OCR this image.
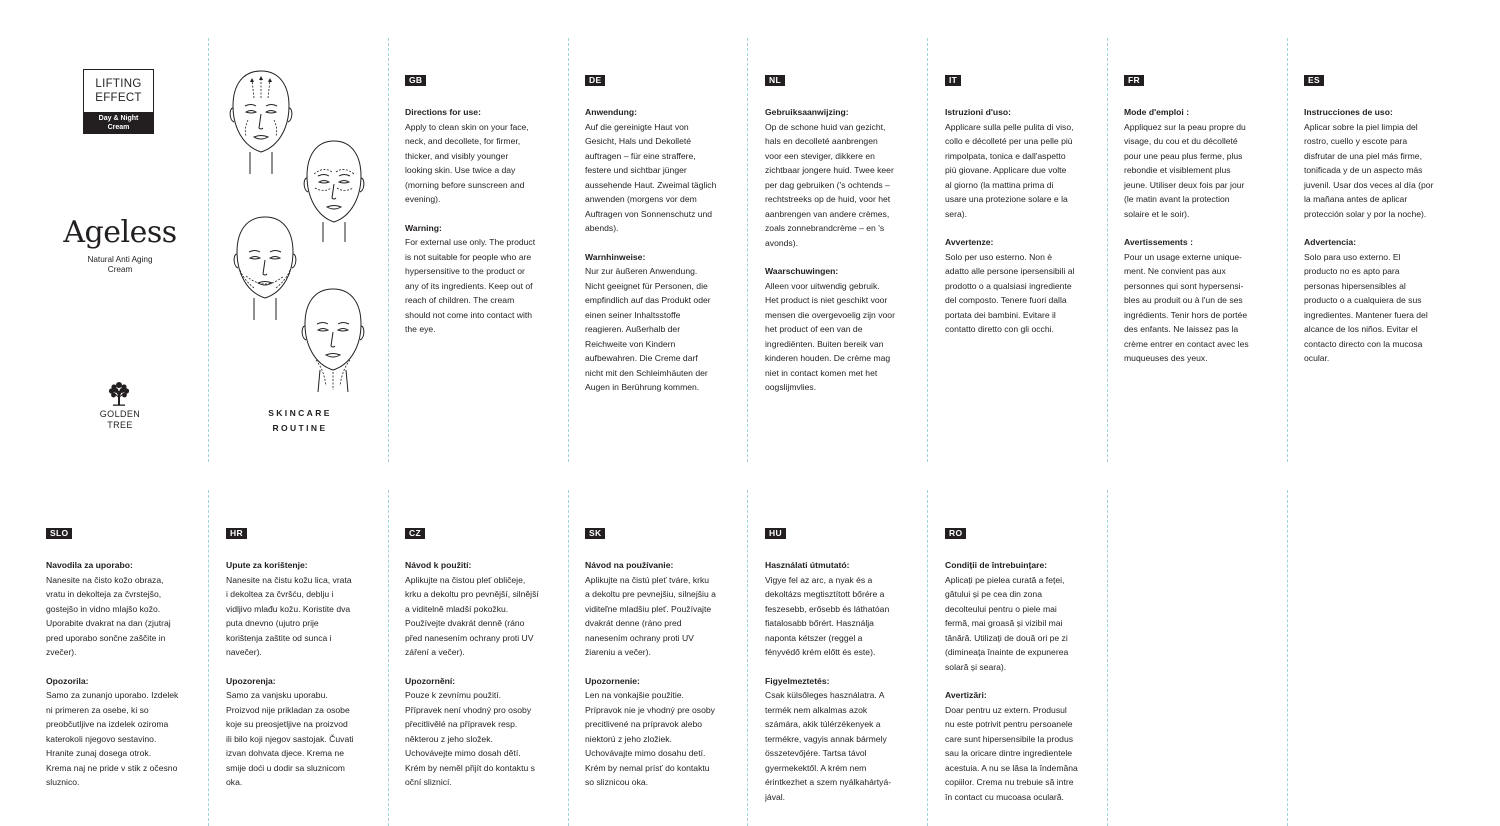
LIFTING
EFFECT
Day & Night
Cream
Ageless
Natural Anti Aging
Cream
GOLDEN
TREE
SKINCARE
ROUTINE
GB
Directions for use:
Apply to clean skin on your face,
neck, and decollete, for firmer,
thicker, and visibly younger
looking skin. Use twice a day
(morning before sunscreen and
evening).
Warning:
For external use only. The product
is not suitable for people who are
hypersensitive to the product or
any of its ingredients. Keep out of
reach of children. The cream
should not come into contact with
the eye.
DE
Anwendung:
Auf die gereinigte Haut von
Gesicht, Hals und Dekolleté
auftragen – für eine straffere,
festere und sichtbar jünger
aussehende Haut. Zweimal täglich
anwenden (morgens vor dem
Auftragen von Sonnenschutz und
abends).
Warnhinweise:
Nur zur äußeren Anwendung.
Nicht geeignet für Personen, die
empfindlich auf das Produkt oder
einen seiner Inhaltsstoffe
reagieren. Außerhalb der
Reichweite von Kindern
aufbewahren. Die Creme darf
nicht mit den Schleimhäuten der
Augen in Berührung kommen.
NL
Gebruiksaanwijzing:
Op de schone huid van gezicht,
hals en decolleté aanbrengen
voor een steviger, dikkere en
zichtbaar jongere huid. Twee keer
per dag gebruiken ('s ochtends –
rechtstreeks op de huid, voor het
aanbrengen van andere crèmes,
zoals zonnebrandcrème – en 's
avonds).
Waarschuwingen:
Alleen voor uitwendig gebruik.
Het product is niet geschikt voor
mensen die overgevoelig zijn voor
het product of een van de
ingrediënten. Buiten bereik van
kinderen houden. De crème mag
niet in contact komen met het
oogslijmvlies.
IT
Istruzioni d'uso:
Applicare sulla pelle pulita di viso,
collo e décolleté per una pelle più
rimpolpata, tonica e dall'aspetto
più giovane. Applicare due volte
al giorno (la mattina prima di
usare una protezione solare e la
sera).
Avvertenze:
Solo per uso esterno. Non è
adatto alle persone ipersensibili al
prodotto o a qualsiasi ingrediente
del composto. Tenere fuori dalla
portata dei bambini. Evitare il
contatto diretto con gli occhi.
FR
Mode d'emploi :
Appliquez sur la peau propre du
visage, du cou et du décolleté
pour une peau plus ferme, plus
rebondie et visiblement plus
jeune. Utiliser deux fois par jour
(le matin avant la protection
solaire et le soir).
Avertissements :
Pour un usage externe unique-
ment. Ne convient pas aux
personnes qui sont hypersensi-
bles au produit ou à l'un de ses
ingrédients. Tenir hors de portée
des enfants. Ne laissez pas la
crème entrer en contact avec les
muqueuses des yeux.
ES
Instrucciones de uso:
Aplicar sobre la piel limpia del
rostro, cuello y escote para
disfrutar de una piel más firme,
tonificada y de un aspecto más
juvenil. Usar dos veces al día (por
la mañana antes de aplicar
protección solar y por la noche).
Advertencia:
Solo para uso externo. El
producto no es apto para
personas hipersensibles al
producto o a cualquiera de sus
ingredientes. Mantener fuera del
alcance de los niños. Evitar el
contacto directo con la mucosa
ocular.
SLO
Navodila za uporabo:
Nanesite na čisto kožo obraza,
vratu in dekolteja za čvrstejšo,
gostejšo in vidno mlajšo kožo.
Uporabite dvakrat na dan (zjutraj
pred uporabo sončne zaščite in
zvečer).
Opozorila:
Samo za zunanjo uporabo. Izdelek
ni primeren za osebe, ki so
preobčutljive na izdelek oziroma
katerokoli njegovo sestavino.
Hranite zunaj dosega otrok.
Krema naj ne pride v stik z očesno
sluznico.
HR
Upute za korištenje:
Nanesite na čistu kožu lica, vrata
i dekoltea za čvršću, deblju i
vidljivo mlađu kožu. Koristite dva
puta dnevno (ujutro prije
korištenja zaštite od sunca i
navečer).
Upozorenja:
Samo za vanjsku uporabu.
Proizvod nije prikladan za osobe
koje su preosjetljive na proizvod
ili bilo koji njegov sastojak. Čuvati
izvan dohvata djece. Krema ne
smije doći u dodir sa sluznicom
oka.
CZ
Návod k použití:
Aplikujte na čistou pleť obličeje,
krku a dekoltu pro pevnější, silnější
a viditelně mladší pokožku.
Používejte dvakrát denně (ráno
před nanesením ochrany proti UV
záření a večer).
Upozornění:
Pouze k zevnímu použití.
Přípravek není vhodný pro osoby
přecitlivělé na přípravek resp.
některou z jeho složek.
Uchovávejte mimo dosah dětí.
Krém by neměl přijít do kontaktu s
oční sliznicí.
SK
Návod na používanie:
Aplikujte na čistú pleť tváre, krku
a dekoltu pre pevnejšiu, silnejšiu a
viditeľne mladšiu pleť. Používajte
dvakrát denne (ráno pred
nanesením ochrany proti UV
žiareniu a večer).
Upozornenie:
Len na vonkajšie použitie.
Prípravok nie je vhodný pre osoby
precitlivené na prípravok alebo
niektorú z jeho zložiek.
Uchovávajte mimo dosahu detí.
Krém by nemal prísť do kontaktu
so sliznicou oka.
HU
Használati útmutató:
Vigye fel az arc, a nyak és a
dekoltázs megtisztított bőrére a
feszesebb, erősebb és láthatóan
fiatalosabb bőrért. Használja
naponta kétszer (reggel a
fényvédő krém előtt és este).
Figyelmeztetés:
Csak külsőleges használatra. A
termék nem alkalmas azok
számára, akik túlérzékenyek a
termékre, vagyis annak bármely
összetevőjére. Tartsa távol
gyermekektől. A krém nem
érintkezhet a szem nyálkahártyá-
jával.
RO
Condiții de întrebuințare:
Aplicați pe pielea curată a feței,
gâtului și pe cea din zona
decolteului pentru o piele mai
fermă, mai groasă și vizibil mai
tânără. Utilizați de două ori pe zi
(dimineața înainte de expunerea
solară și seara).
Avertizări:
Doar pentru uz extern. Produsul
nu este potrivit pentru persoanele
care sunt hipersensibile la produs
sau la oricare dintre ingredientele
acestuia. A nu se lăsa la îndemâna
copiilor. Crema nu trebuie să intre
în contact cu mucoasa oculară.
